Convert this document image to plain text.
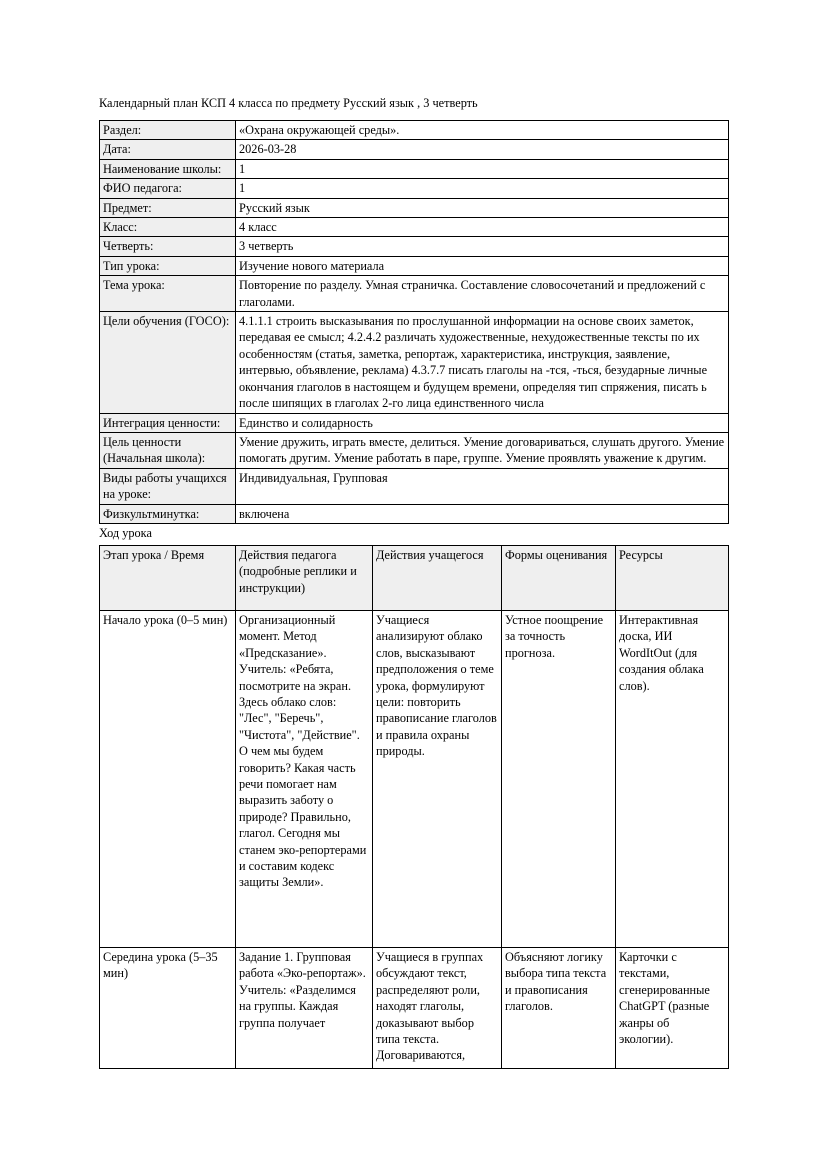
Календарный план КСП 4 класса по предмету Русский язык , 3 четверть

Раздел:	«Охрана окружающей среды».
Дата:	2026-03-28
Наименование школы:	1
ФИО педагога:	1
Предмет:	Русский язык
Класс:	4 класс
Четверть:	3 четверть
Тип урока:	Изучение нового материала
Тема урока:	Повторение по разделу. Умная страничка. Составление словосочетаний и предложений с глаголами.
Цели обучения (ГОСО):	4.1.1.1 строить высказывания по прослушанной информации на основе своих заметок, передавая ее смысл; 4.2.4.2 различать художественные, нехудожественные тексты по их особенностям (статья, заметка, репортаж, характеристика, инструкция, заявление, интервью, объявление, реклама) 4.3.7.7 писать глаголы на -тся, -ться, безударные личные окончания глаголов в настоящем и будущем времени, определяя тип спряжения, писать ь после шипящих в глаголах 2-го лица единственного числа
Интеграция ценности:	Единство и солидарность
Цель ценности (Начальная школа):	Умение дружить, играть вместе, делиться. Умение договариваться, слушать другого. Умение помогать другим. Умение работать в паре, группе. Умение проявлять уважение к другим.
Виды работы учащихся на уроке:	Индивидуальная, Групповая
Физкультминутка:	включена

Ход урока

Этап урока / Время	Действия педагога (подробные реплики и инструкции)	Действия учащегося	Формы оценивания	Ресурсы

Начало урока (0–5 мин)	Организационный момент. Метод «Предсказание». Учитель: «Ребята, посмотрите на экран. Здесь облако слов: "Лес", "Беречь", "Чистота", "Действие". О чем мы будем говорить? Какая часть речи помогает нам выразить заботу о природе? Правильно, глагол. Сегодня мы станем эко-репортерами и составим кодекс защиты Земли».	Учащиеся анализируют облако слов, высказывают предположения о теме урока, формулируют цели: повторить правописание глаголов и правила охраны природы.	Устное поощрение за точность прогноза.	Интерактивная доска, ИИ WordItOut (для создания облака слов).

Середина урока (5–35 мин)	Задание 1. Групповая работа «Эко-репортаж». Учитель: «Разделимся на группы. Каждая группа получает	Учащиеся в группах обсуждают текст, распределяют роли, находят глаголы, доказывают выбор типа текста. Договариваются,	Объясняют логику выбора типа текста и правописания глаголов.	Карточки с текстами, сгенерированные ChatGPT (разные жанры об экологии).
